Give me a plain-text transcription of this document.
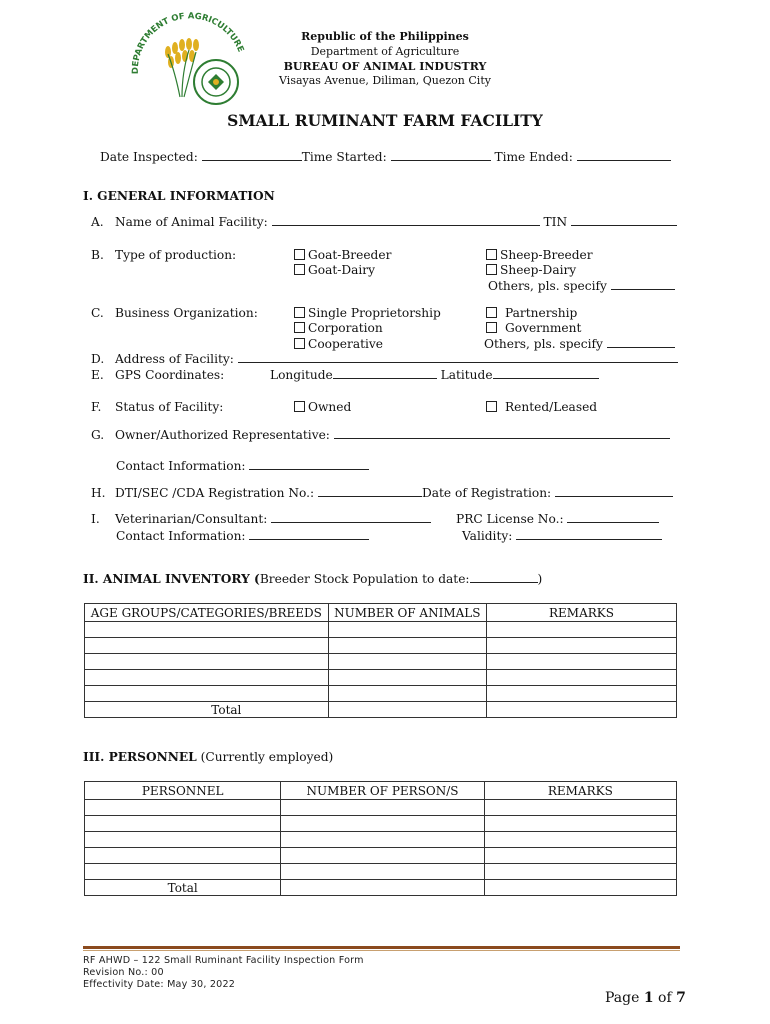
DEPARTMENT OF AGRICULTURE
Republic of the Philippines
Department of Agriculture
BUREAU OF ANIMAL INDUSTRY
Visayas Avenue, Diliman, Quezon City
SMALL RUMINANT FARM FACILITY
Date Inspected:	Time Started:	Time Ended:
I. GENERAL INFORMATION
A. Name of Animal Facility:	TIN
B. Type of production:	Goat-Breeder
Goat-Dairy
Sheep-Breeder
Sheep-Dairy
Others, pls. specify
C. Business Organization:	Single Proprietorship
Corporation
Cooperative
Partnership
Government
Others, pls. specify
D. Address of Facility:
E. GPS Coordinates:	Longitude	Latitude
F. Status of Facility:	Owned	Rented/Leased
G. Owner/Authorized Representative:
Contact Information:
H. DTI/SEC /CDA Registration No.:	Date of Registration:
I. Veterinarian/Consultant:	PRC License No.:
Contact Information:	Validity:
II. ANIMAL INVENTORY (Breeder Stock Population to date:	)
AGE GROUPS/CATEGORIES/BREEDS	NUMBER OF ANIMALS	REMARKS

Total		
III. PERSONNEL (Currently employed)
PERSONNEL	NUMBER OF PERSON/S	REMARKS

Total		
RF AHWD – 122 Small Ruminant Facility Inspection Form
Revision No.: 00
Effectivity Date: May 30, 2022
Page 1 of 7
